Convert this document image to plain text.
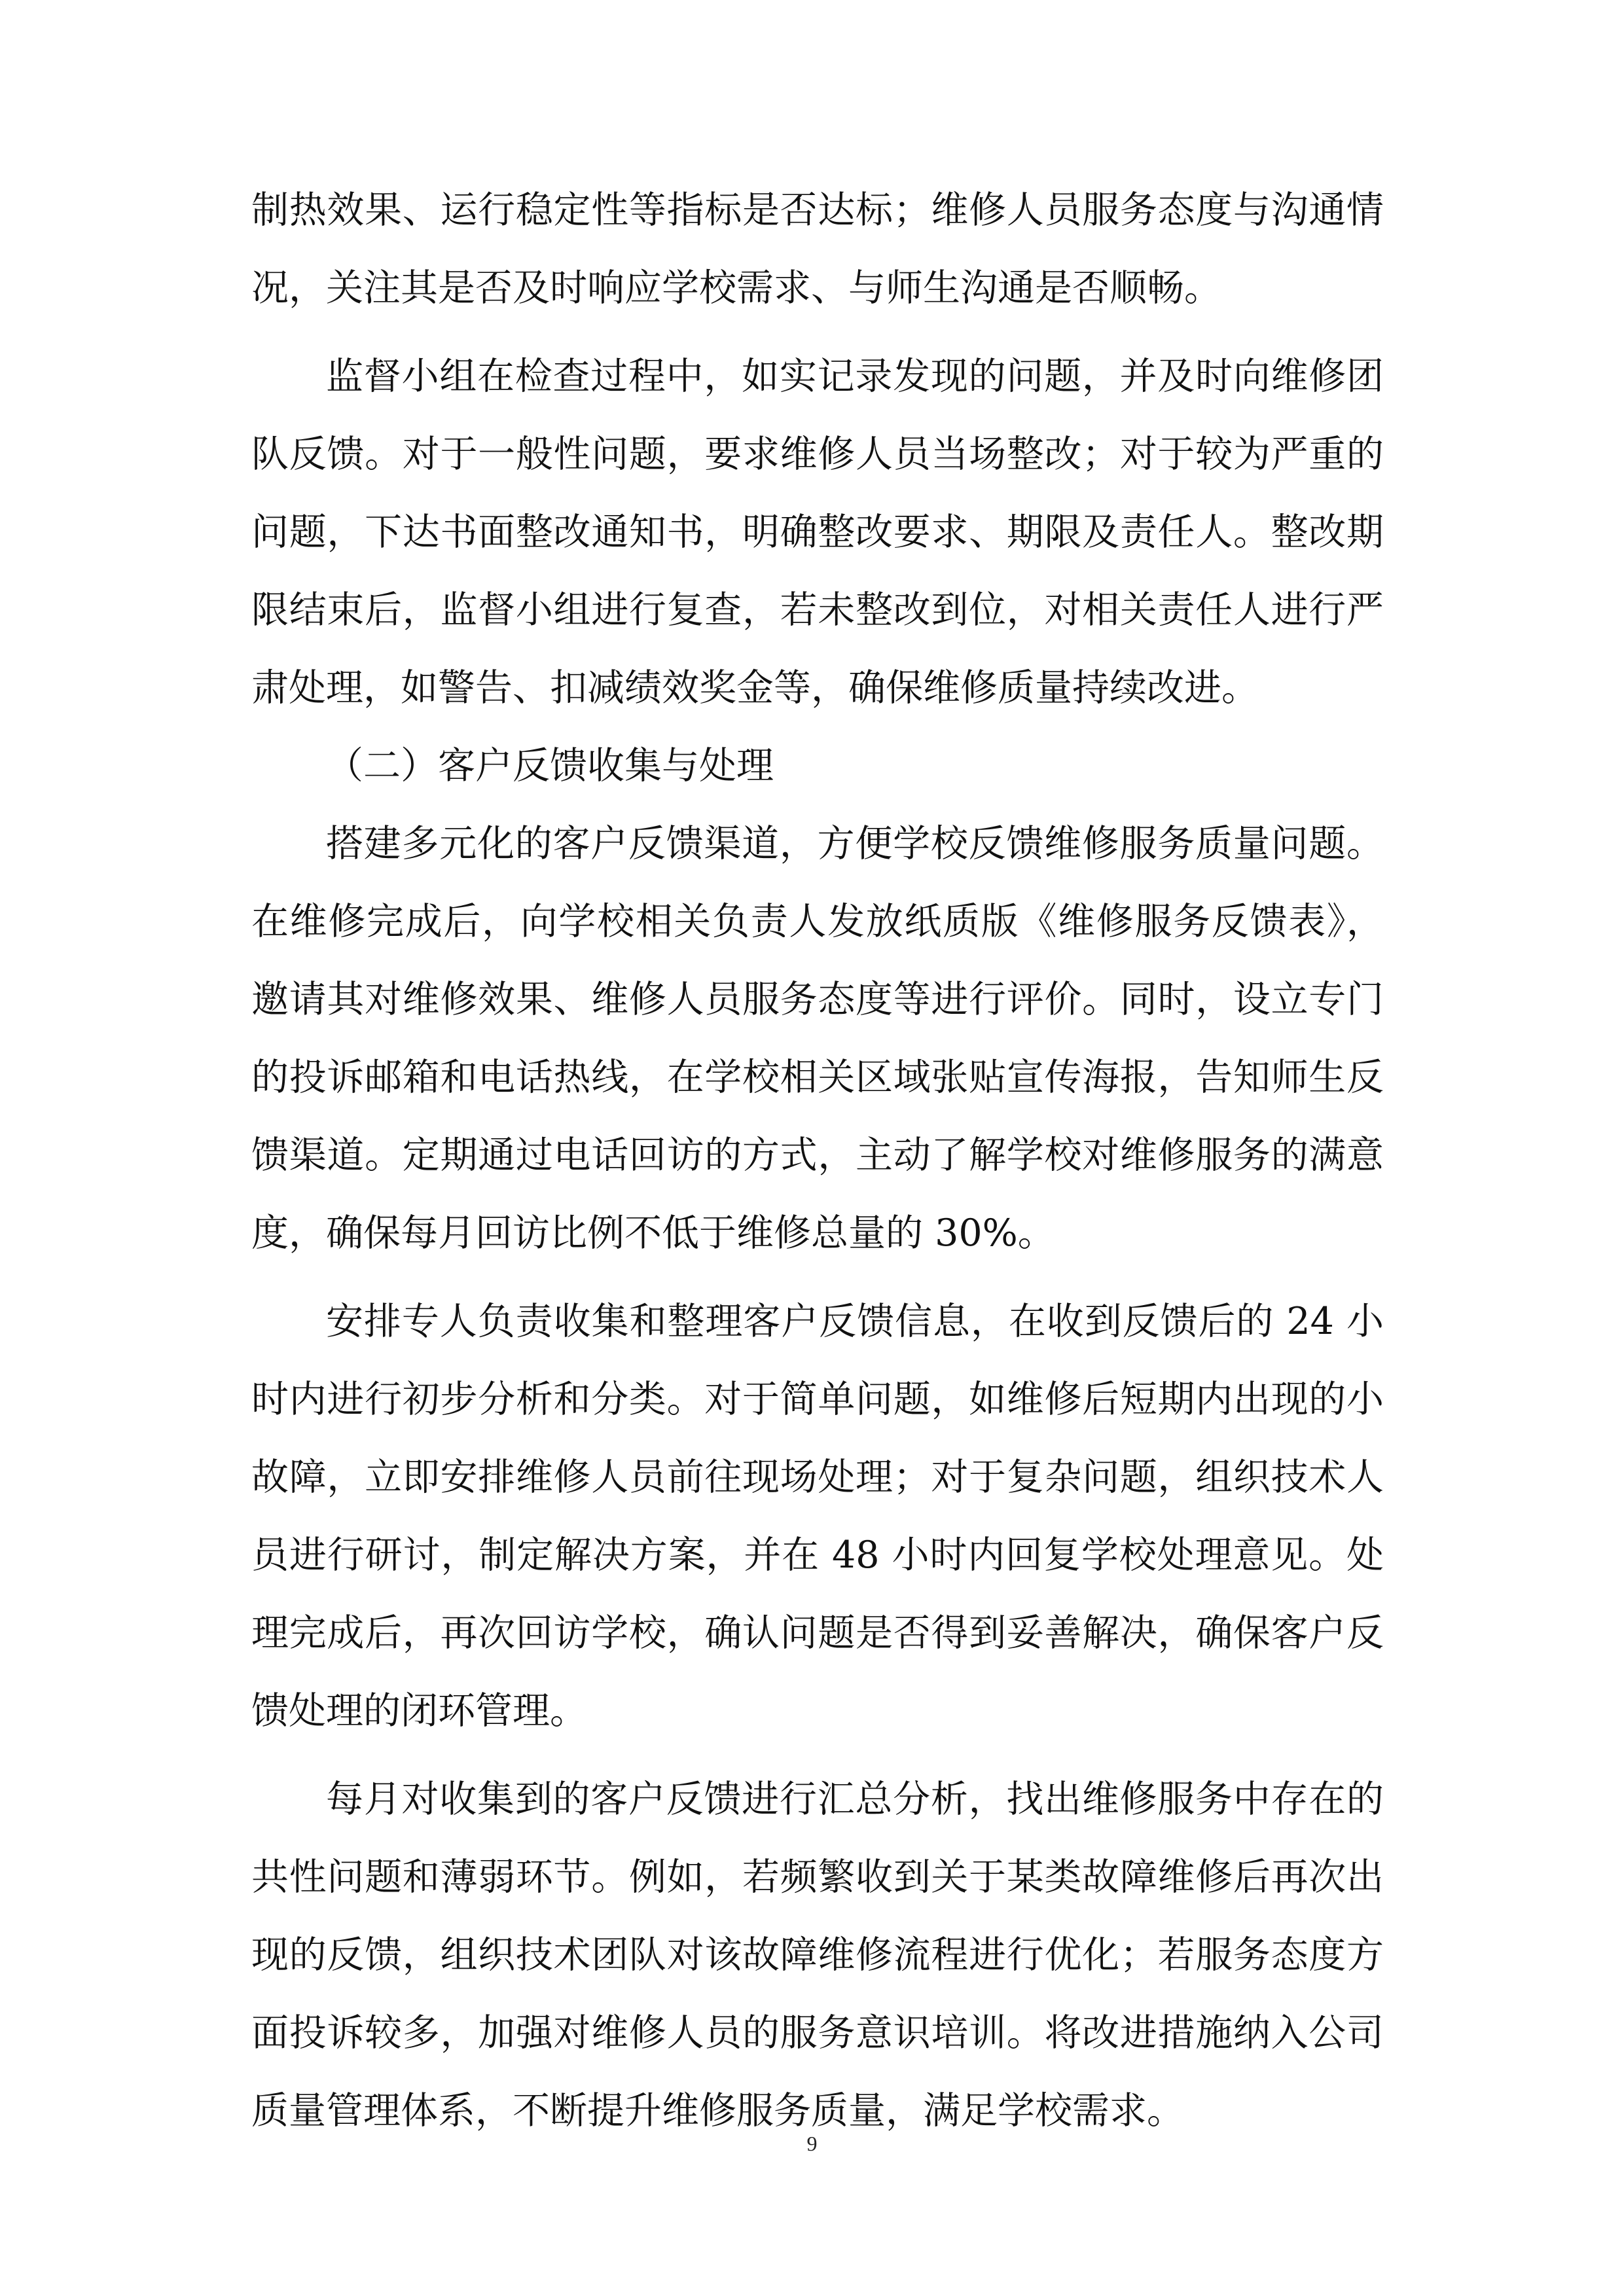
制热效果、运行稳定性等指标是否达标；维修人员服务态度与沟通情
况，关注其是否及时响应学校需求、与师生沟通是否顺畅。
监督小组在检查过程中，如实记录发现的问题，并及时向维修团
队反馈。对于一般性问题，要求维修人员当场整改；对于较为严重的
问题，下达书面整改通知书，明确整改要求、期限及责任人。整改期
限结束后，监督小组进行复查，若未整改到位，对相关责任人进行严
肃处理，如警告、扣减绩效奖金等，确保维修质量持续改进。
（二）客户反馈收集与处理
搭建多元化的客户反馈渠道，方便学校反馈维修服务质量问题。
在维修完成后，向学校相关负责人发放纸质版《维修服务反馈表》，
邀请其对维修效果、维修人员服务态度等进行评价。同时，设立专门
的投诉邮箱和电话热线，在学校相关区域张贴宣传海报，告知师生反
馈渠道。定期通过电话回访的方式，主动了解学校对维修服务的满意
度，确保每月回访比例不低于维修总量的 30%。
安排专人负责收集和整理客户反馈信息，在收到反馈后的 24 小
时内进行初步分析和分类。对于简单问题，如维修后短期内出现的小
故障，立即安排维修人员前往现场处理；对于复杂问题，组织技术人
员进行研讨，制定解决方案，并在 48 小时内回复学校处理意见。处
理完成后，再次回访学校，确认问题是否得到妥善解决，确保客户反
馈处理的闭环管理。
每月对收集到的客户反馈进行汇总分析，找出维修服务中存在的
共性问题和薄弱环节。例如，若频繁收到关于某类故障维修后再次出
现的反馈，组织技术团队对该故障维修流程进行优化；若服务态度方
面投诉较多，加强对维修人员的服务意识培训。将改进措施纳入公司
质量管理体系，不断提升维修服务质量，满足学校需求。
9
